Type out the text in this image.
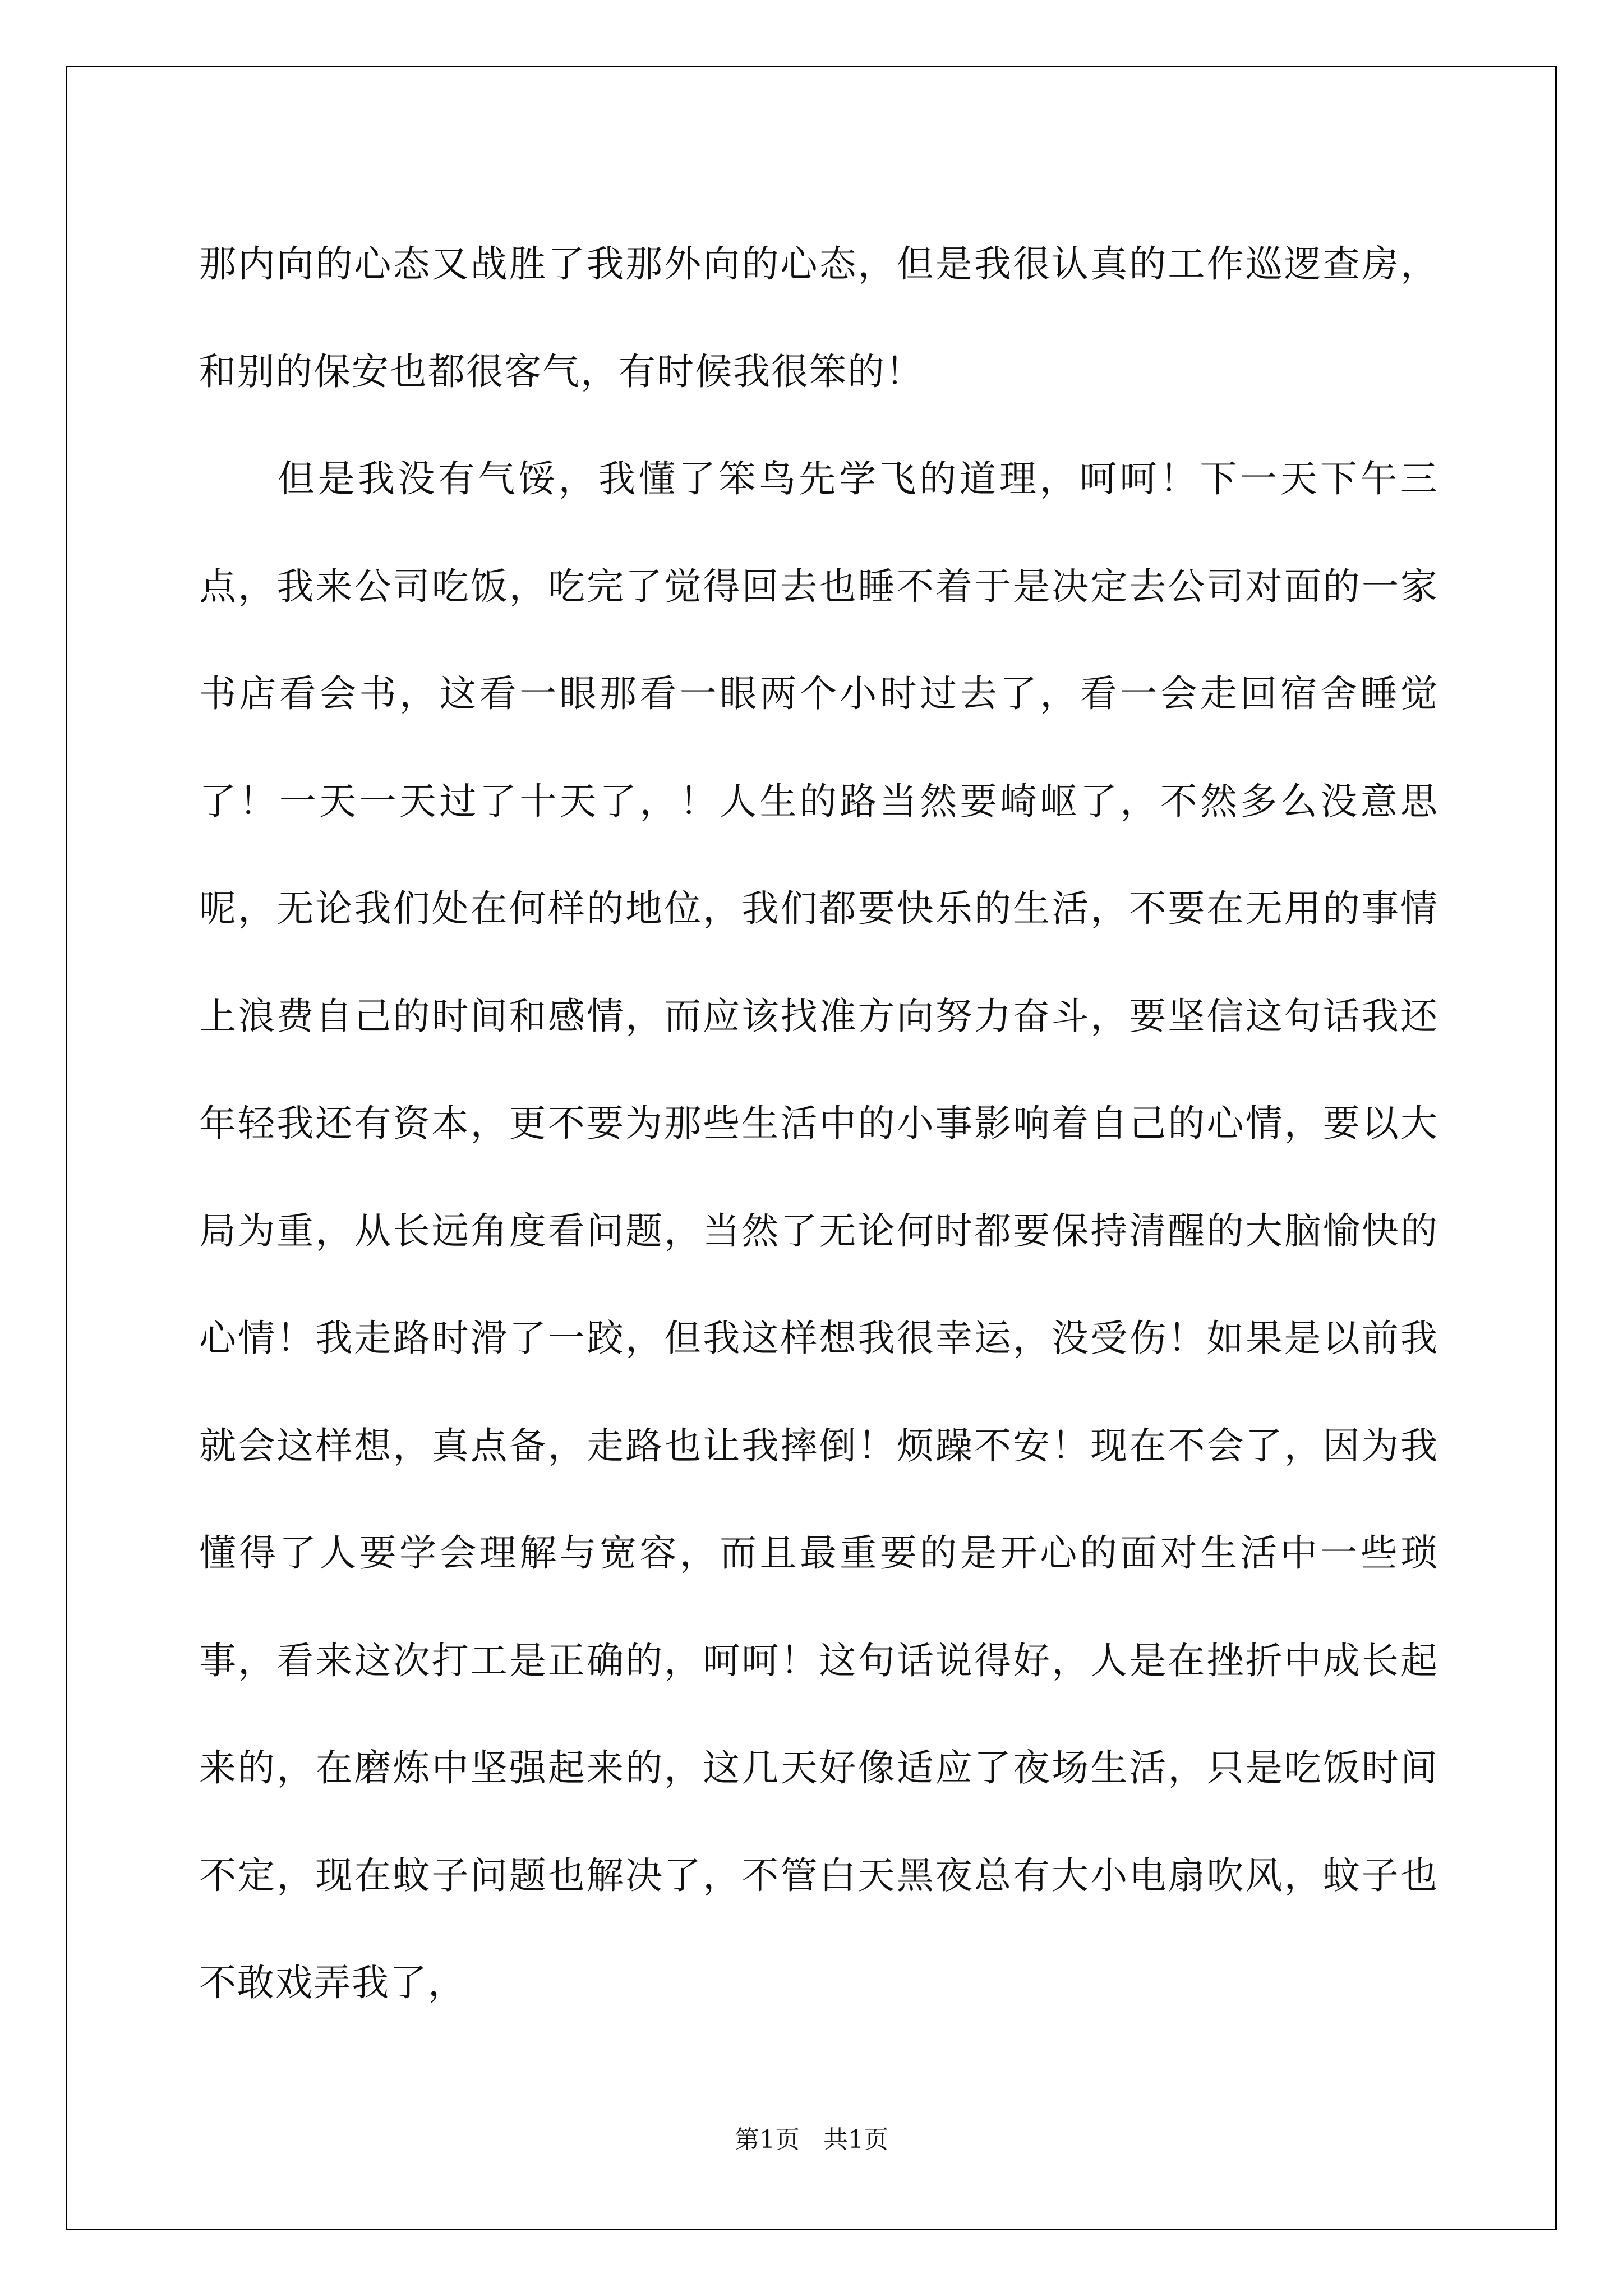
那内向的心态又战胜了我那外向的心态，但是我很认真的工作巡逻查房，和别的保安也都很客气，有时候我很笨的！

但是我没有气馁，我懂了笨鸟先学飞的道理，呵呵！下一天下午三点，我来公司吃饭，吃完了觉得回去也睡不着于是决定去公司对面的一家书店看会书，这看一眼那看一眼两个小时过去了，看一会走回宿舍睡觉了！一天一天过了十天了，！人生的路当然要崎岖了，不然多么没意思呢，无论我们处在何样的地位，我们都要快乐的生活，不要在无用的事情上浪费自己的时间和感情，而应该找准方向努力奋斗，要坚信这句话我还年轻我还有资本，更不要为那些生活中的小事影响着自己的心情，要以大局为重，从长远角度看问题，当然了无论何时都要保持清醒的大脑愉快的心情！我走路时滑了一跤，但我这样想我很幸运，没受伤！如果是以前我就会这样想，真点备，走路也让我摔倒！烦躁不安！现在不会了，因为我懂得了人要学会理解与宽容，而且最重要的是开心的面对生活中一些琐事，看来这次打工是正确的，呵呵！这句话说得好，人是在挫折中成长起来的，在磨炼中坚强起来的，这几天好像适应了夜场生活，只是吃饭时间不定，现在蚊子问题也解决了，不管白天黑夜总有大小电扇吹风，蚊子也不敢戏弄我了，

第1页   共1页
